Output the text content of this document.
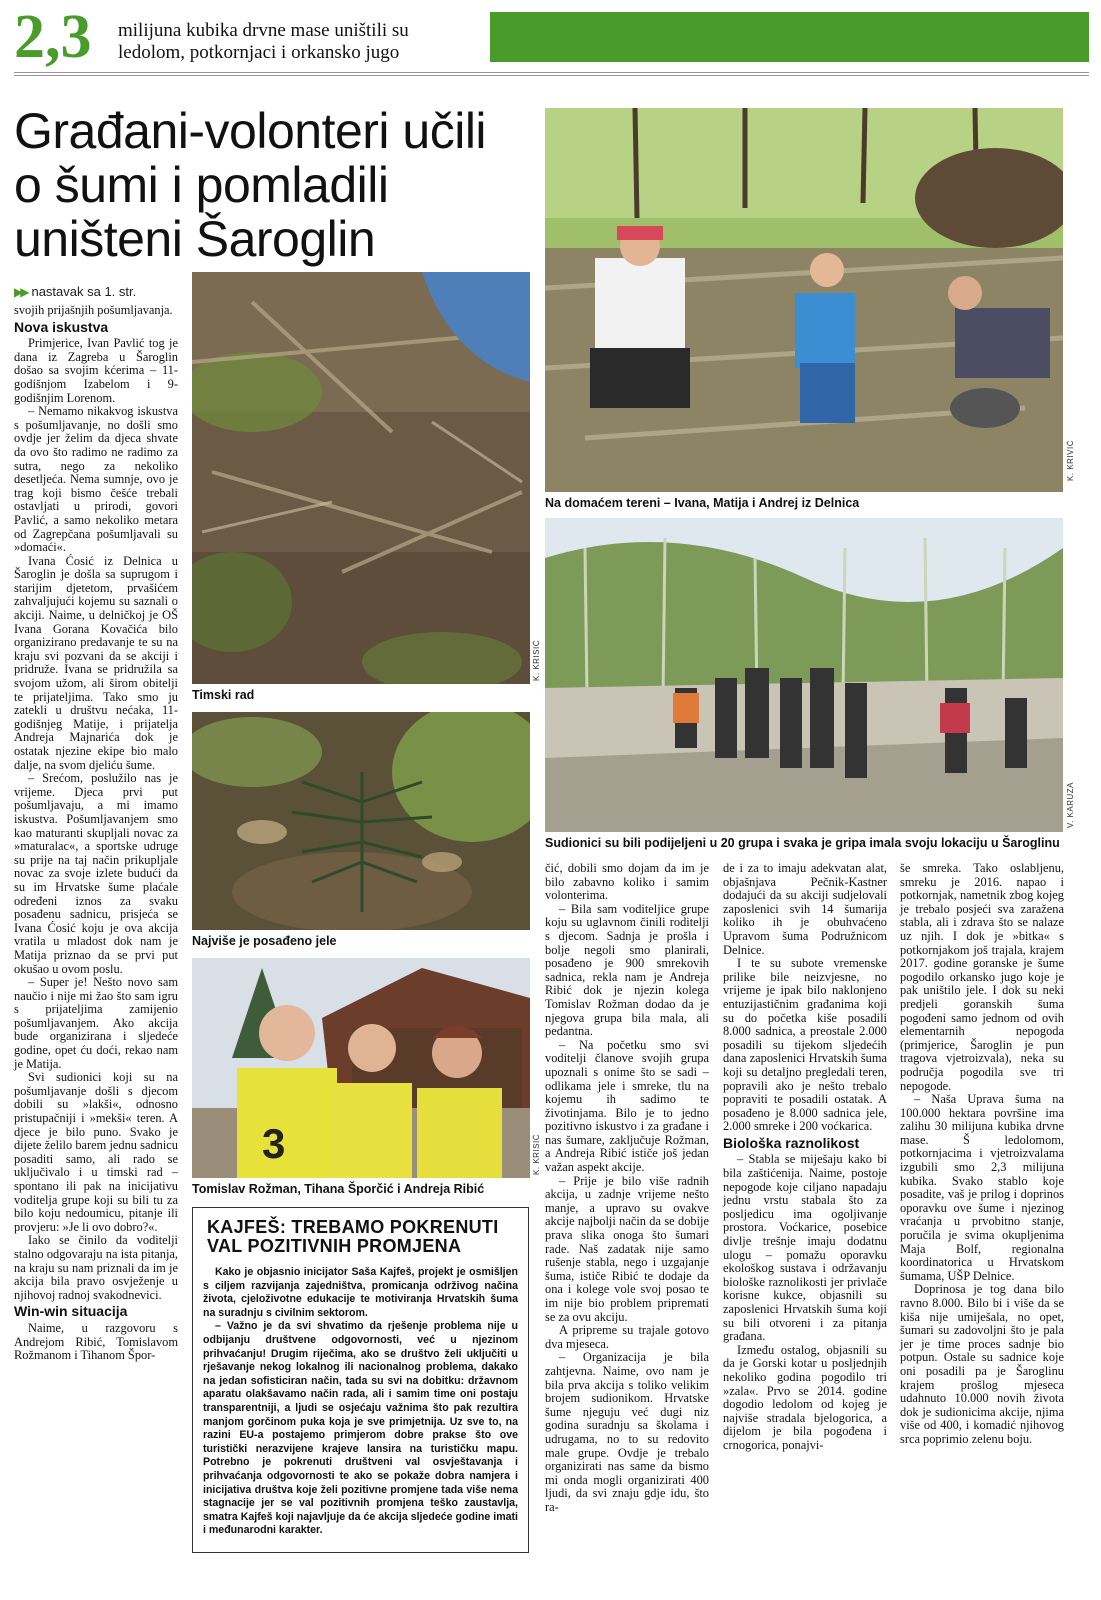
2,3 milijuna kubika drvne mase uništili su
ledolom, potkornjaci i orkansko jugo
Građani-volonteri učili
o šumi i pomladili
uništeni Šaroglin
▶▶ nastavak sa 1. str.

svojih prijašnjih pošumljavanja.

Nova iskustva

Primjerice, Ivan Pavlić tog je dana iz Zagreba u Šaroglin došao sa svojim kćerima – 11-godišnjom Izabelom i 9-godišnjim Lorenom.

– Nemamo nikakvog iskustva s pošumljavanje, no došli smo ovdje jer želim da djeca shvate da ovo što radimo ne radimo za sutra, nego za nekoliko desetljeća. Nema sumnje, ovo je trag koji bismo češće trebali ostavljati u prirodi, govori Pavlić, a samo nekoliko metara od Zagrepčana pošumljavali su »domaći«.

Ivana Ćosić iz Delnica u Šaroglin je došla sa suprugom i starijim djetetom, prvašićem zahvaljujući kojemu su saznali o akciji. Naime, u delničkoj je OŠ Ivana Gorana Kovačića bilo organizirano predavanje te su na kraju svi pozvani da se akciji i pridruže. Ivana se pridružila sa svojom užom, ali širom obitelji te prijateljima. Tako smo ju zatekli u društvu nećaka, 11-godišnjeg Matije, i prijatelja Andreja Majnarića dok je ostatak njezine ekipe bio malo dalje, na svom djeliću šume.

– Srećom, poslužilo nas je vrijeme. Djeca prvi put pošumljavaju, a mi imamo iskustva. Pošumljavanjem smo kao maturanti skupljali novac za »maturalac«, a sportske udruge su prije na taj način prikupljale novac za svoje izlete budući da su im Hrvatske šume plaćale određeni iznos za svaku posađenu sadnicu, prisjeća se Ivana Ćosić koju je ova akcija vratila u mladost dok nam je Matija priznao da se prvi put okušao u ovom poslu.

– Super je! Nešto novo sam naučio i nije mi žao što sam igru s prijateljima zamijenio pošumljavanjem. Ako akcija bude organizirana i sljedeće godine, opet ću doći, rekao nam je Matija.

Svi sudionici koji su na pošumljavanje došli s djecom dobili su »lakši«, odnosno pristupačniji i »mekši« teren. A djece je bilo puno. Svako je dijete želilo barem jednu sadnicu posaditi samo, ali rado se uključivalo i u timski rad – spontano ili pak na inicijativu voditelja grupe koji su bili tu za bilo koju nedoumicu, pitanje ili provjeru: »Je li ovo dobro?«.

Iako se činilo da voditelji stalno odgovaraju na ista pitanja, na kraju su nam priznali da im je akcija bila pravo osvježenje u njihovoj radnoj svakodnevici.

Win-win situacija

Naime, u razgovoru s Andrejom Ribić, Tomislavom Rožmanom i Tihanom Špor-

K. KRISIĆ
Timski rad
Najviše je posađeno jele
3	K. KRISIĆ
Tomislav Rožman, Tihana Šporčić i Andreja Ribić
KAJFEŠ: TREBAMO POKRENUTI
VAL POZITIVNIH PROMJENA

Kako je objasnio inicijator Saša Kajfeš, projekt je osmišljen s ciljem razvijanja zajedništva, promicanja održivog načina života, cjeloživotne edukacije te motiviranja Hrvatskih šuma na suradnju s civilnim sektorom.

– Važno je da svi shvatimo da rješenje problema nije u odbijanju društvene odgovornosti, već u njezinom prihvaćanju! Drugim riječima, ako se društvo želi uključiti u rješavanje nekog lokalnog ili nacionalnog problema, dakako na jedan sofisticiran način, tada su svi na dobitku: državnom aparatu olakšavamo način rada, ali i samim time oni postaju transparentniji, a ljudi se osjećaju važnima što pak rezultira manjom gorčinom puka koja je sve primjetnija. Uz sve to, na razini EU-a postajemo primjerom dobre prakse što ove turistički nerazvijene krajeve lansira na turističku mapu. Potrebno je pokrenuti društveni val osvještavanja i prihvaćanja odgovornosti te ako se pokaže dobra namjera i inicijativa društva koje želi pozitivne promjene tada više nema stagnacije jer se val pozitivnih promjena teško zaustavlja, smatra Kajfeš koji najavljuje da će akcija sljedeće godine imati i međunarodni karakter.

K. KRIVIĆ
Na domaćem tereni – Ivana, Matija i Andrej iz Delnica
V. KARUZA
Sudionici su bili podijeljeni u 20 grupa i svaka je gripa imala svoju lokaciju u Šaroglinu

čić, dobili smo dojam da im je bilo zabavno koliko i samim volonterima.

– Bila sam voditeljice grupe koju su uglavnom činili roditelji s djecom. Sadnja je prošla i bolje negoli smo planirali, posađeno je 900 smrekovih sadnica, rekla nam je Andreja Ribić dok je njezin kolega Tomislav Rožman dodao da je njegova grupa bila mala, ali pedantna.

– Na početku smo svi voditelji članove svojih grupa upoznali s onime što se sadi – odlikama jele i smreke, tlu na kojemu ih sadimo te životinjama. Bilo je to jedno pozitivno iskustvo i za građane i nas šumare, zaključuje Rožman, a Andreja Ribić ističe još jedan važan aspekt akcije.

– Prije je bilo više radnih akcija, u zadnje vrijeme nešto manje, a upravo su ovakve akcije najbolji način da se dobije prava slika onoga što šumari rade. Naš zadatak nije samo rušenje stabla, nego i uzgajanje šuma, ističe Ribić te dodaje da ona i kolege vole svoj posao te im nije bio problem pripremati se za ovu akciju.

A pripreme su trajale gotovo dva mjeseca.

– Organizacija je bila zahtjevna. Naime, ovo nam je bila prva akcija s toliko velikim brojem sudionikom. Hrvatske šume njeguju već dugi niz godina suradnju sa školama i udrugama, no to su redovito male grupe. Ovdje je trebalo organizirati nas same da bismo mi onda mogli organizirati 400 ljudi, da svi znaju gdje idu, što ra-

de i za to imaju adekvatan alat, objašnjava Pečnik-Kastner dodajući da su akciji sudjelovali zaposlenici svih 14 šumarija koliko ih je obuhvaćeno Upravom šuma Podružnicom Delnice.

I te su subote vremenske prilike bile neizvjesne, no vrijeme je ipak bilo naklonjeno entuzijastičnim građanima koji su do početka kiše posadili 8.000 sadnica, a preostale 2.000 posadili su tijekom sljedećih dana zaposlenici Hrvatskih šuma koji su detaljno pregledali teren, popravili ako je nešto trebalo popraviti te posadili ostatak. A posađeno je 8.000 sadnica jele, 2.000 smreke i 200 voćkarica.

Biološka raznolikost

– Stabla se miješaju kako bi bila zaštićenija. Naime, postoje nepogode koje ciljano napadaju jednu vrstu stabala što za posljedicu ima ogoljivanje prostora. Voćkarice, posebice divlje trešnje imaju dodatnu ulogu – pomažu oporavku ekološkog sustava i održavanju biološke raznolikosti jer privlače korisne kukce, objasnili su zaposlenici Hrvatskih šuma koji su bili otvoreni i za pitanja građana.

Između ostalog, objasnili su da je Gorski kotar u posljednjih nekoliko godina pogodilo tri »zala«. Prvo se 2014. godine dogodio ledolom od kojeg je najviše stradala bjelogorica, a dijelom je bila pogođena i crnogorica, ponajvi-

še smreka. Tako oslabljenu, smreku je 2016. napao i potkornjak, nametnik zbog kojeg je trebalo posjeći sva zaražena stabla, ali i zdrava što se nalaze uz njih. I dok je »bitka« s potkornjakom još trajala, krajem 2017. godine goranske je šume pogodilo orkansko jugo koje je pak uništilo jele. I dok su neki predjeli goranskih šuma pogođeni samo jednom od ovih elementarnih nepogoda (primjerice, Šaroglin je pun tragova vjetroizvala), neka su područja pogodila sve tri nepogode.

– Naša Uprava šuma na 100.000 hektara površine ima zalihu 30 milijuna kubika drvne mase. Š ledolomom, potkornjacima i vjetroizvalama izgubili smo 2,3 milijuna kubika. Svako stablo koje posadite, vaš je prilog i doprinos oporavku ove šume i njezinog vraćanja u prvobitno stanje, poručila je svima okupljenima Maja Bolf, regionalna koordinatorica u Hrvatskom šumama, UŠP Delnice.

Doprinosa je tog dana bilo ravno 8.000. Bilo bi i više da se kiša nije umiješala, no opet, šumari su zadovoljni što je pala jer je time proces sadnje bio potpun. Ostale su sadnice koje oni posadili pa je Šaroglinu krajem prošlog mjeseca udahnuto 10.000 novih života dok je sudionicima akcije, njima više od 400, i komadić njihovog srca poprimio zelenu boju.
